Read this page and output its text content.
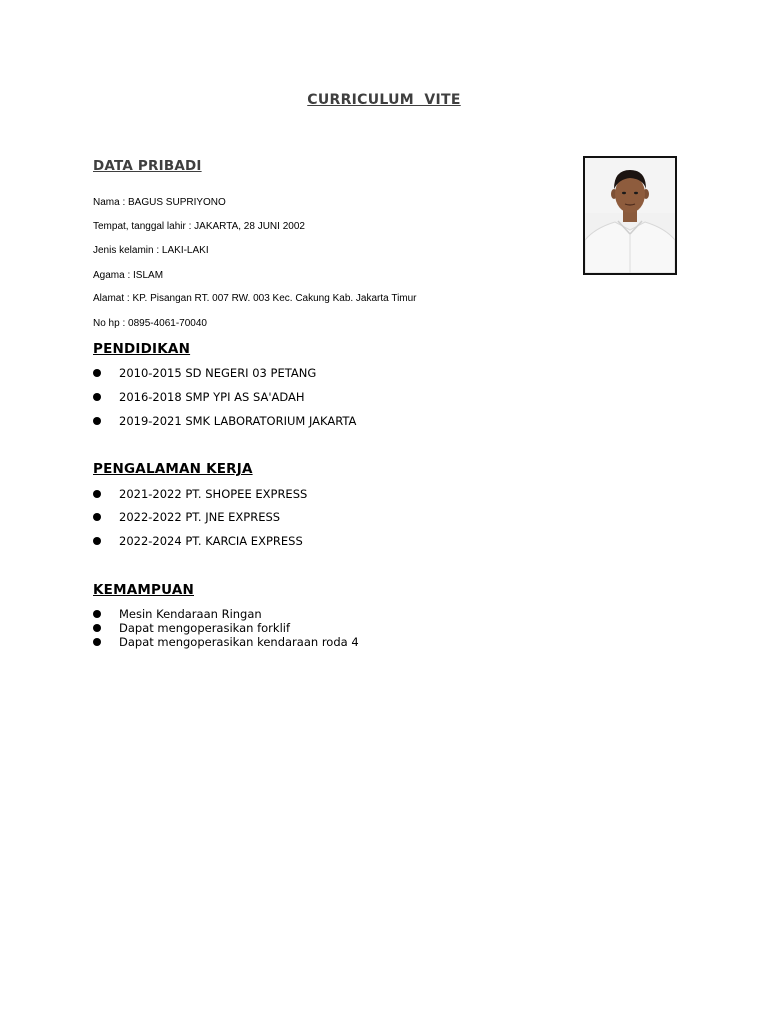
CURRICULUM  VITE
DATA PRIBADI
Nama : BAGUS SUPRIYONO
Tempat, tanggal lahir : JAKARTA, 28 JUNI 2002
Jenis kelamin : LAKI-LAKI
Agama : ISLAM
Alamat : KP. Pisangan RT. 007 RW. 003 Kec. Cakung Kab. Jakarta Timur
No hp : 0895-4061-70040
PENDIDIKAN
2010-2015 SD NEGERI 03 PETANG
2016-2018 SMP YPI AS SA'ADAH
2019-2021 SMK LABORATORIUM JAKARTA
PENGALAMAN KERJA
2021-2022 PT. SHOPEE EXPRESS
2022-2022 PT. JNE EXPRESS
2022-2024 PT. KARCIA EXPRESS
KEMAMPUAN
Mesin Kendaraan Ringan
Dapat mengoperasikan forklif
Dapat mengoperasikan kendaraan roda 4
